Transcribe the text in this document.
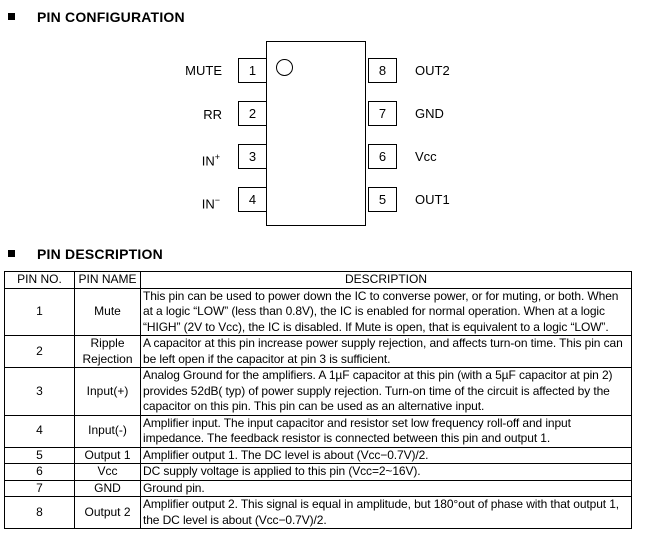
PIN CONFIGURATION
MUTE	1
RR	2
IN+	3
IN−	4
8	OUT2
7	GND
6	Vcc
5	OUT1
PIN DESCRIPTION
PIN NO.	PIN NAME	DESCRIPTION
1	Mute	This pin can be used to power down the IC to converse power, or for muting, or both. When at a logic “LOW” (less than 0.8V), the IC is enabled for normal operation. When at a logic “HIGH” (2V to Vcc), the IC is disabled. If Mute is open, that is equivalent to a logic “LOW”.
2	Ripple Rejection	A capacitor at this pin increase power supply rejection, and affects turn-on time. This pin can be left open if the capacitor at pin 3 is sufficient.
3	Input(+)	Analog Ground for the amplifiers. A 1µF capacitor at this pin (with a 5µF capacitor at pin 2) provides 52dB( typ) of power supply rejection. Turn-on time of the circuit is affected by the capacitor on this pin. This pin can be used as an alternative input.
4	Input(-)	Amplifier input. The input capacitor and resistor set low frequency roll-off and input impedance. The feedback resistor is connected between this pin and output 1.
5	Output 1	Amplifier output 1. The DC level is about (Vcc−0.7V)/2.
6	Vcc	DC supply voltage is applied to this pin (Vcc=2~16V).
7	GND	Ground pin.
8	Output 2	Amplifier output 2. This signal is equal in amplitude, but 180°out of phase with that output 1, the DC level is about (Vcc−0.7V)/2.
